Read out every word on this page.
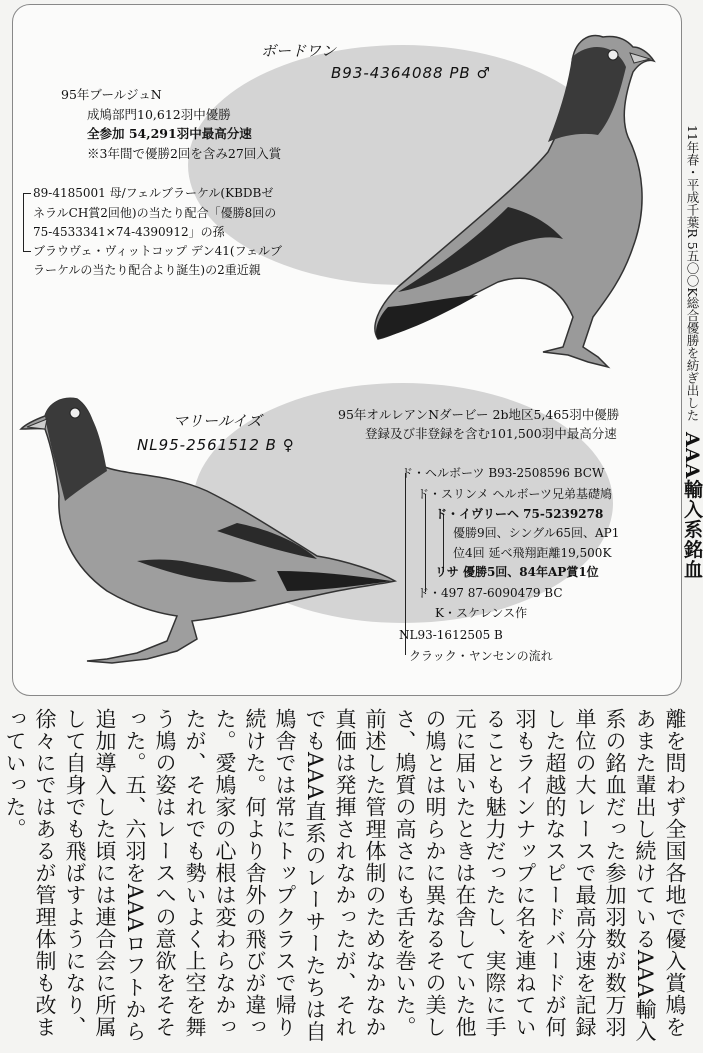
ボードワン
B93-4364088 PB ♂
95年ブールジュN
成鳩部門10,612羽中優勝
全参加 54,291羽中最高分速
※3年間で優勝2回を含み27回入賞
89-4185001 母/フェルブラーケル(KBDBゼ
ネラルCH賞2回他)の当たり配合「優勝8回の
75-4533341×74-4390912」の孫
ブラウヴェ・ヴィットコップ デン41(フェルブ
ラーケルの当たり配合より誕生)の2重近親
マリールイズ
NL95-2561512 B ♀
95年オルレアンNダービー 2b地区5,465羽中優勝
登録及び非登録を含む101,500羽中最高分速
ド・ヘルボーツ B93-2508596 BCW
ド・スリンメ ヘルボーツ兄弟基礎鳩
ド・イヴリーヘ 75-5239278
優勝9回、シングル65回、AP1
位4回 延べ飛翔距離19,500K
リサ 優勝5回、84年AP賞1位
ド・497 87-6090479 BC
K・スケレンス作
NL93-1612505 B
クラック・ヤンセンの流れ
11年春・平成千葉R 5五〇〇K総合優勝を紡ぎ出した AAA輸入系銘血

離を問わず全国各地で優入賞鳩をあまた輩出し続けているAAA輸入系の銘血だった参加羽数が数万羽単位の大レースで最高分速を記録した超越的なスピードバードが何羽もラインナップに名を連ねていることも魅力だったし、実際に手元に届いたときは在舎していた他の鳩とは明らかに異なるその美しさ、鳩質の高さにも舌を巻いた。

前述した管理体制のためなかなか真価は発揮されなかったが、それでもAAA直系のレーサーたちは自鳩舎では常にトップクラスで帰り続けた。何より舎外の飛びが違った。愛鳩家の心根は変わらなかったが、それでも勢いよく上空を舞う鳩の姿はレースへの意欲をそそった。五、六羽をAAAロフトから追加導入した頃には連合会に所属して自身でも飛ばすようになり、徐々にではあるが管理体制も改まっていった。
